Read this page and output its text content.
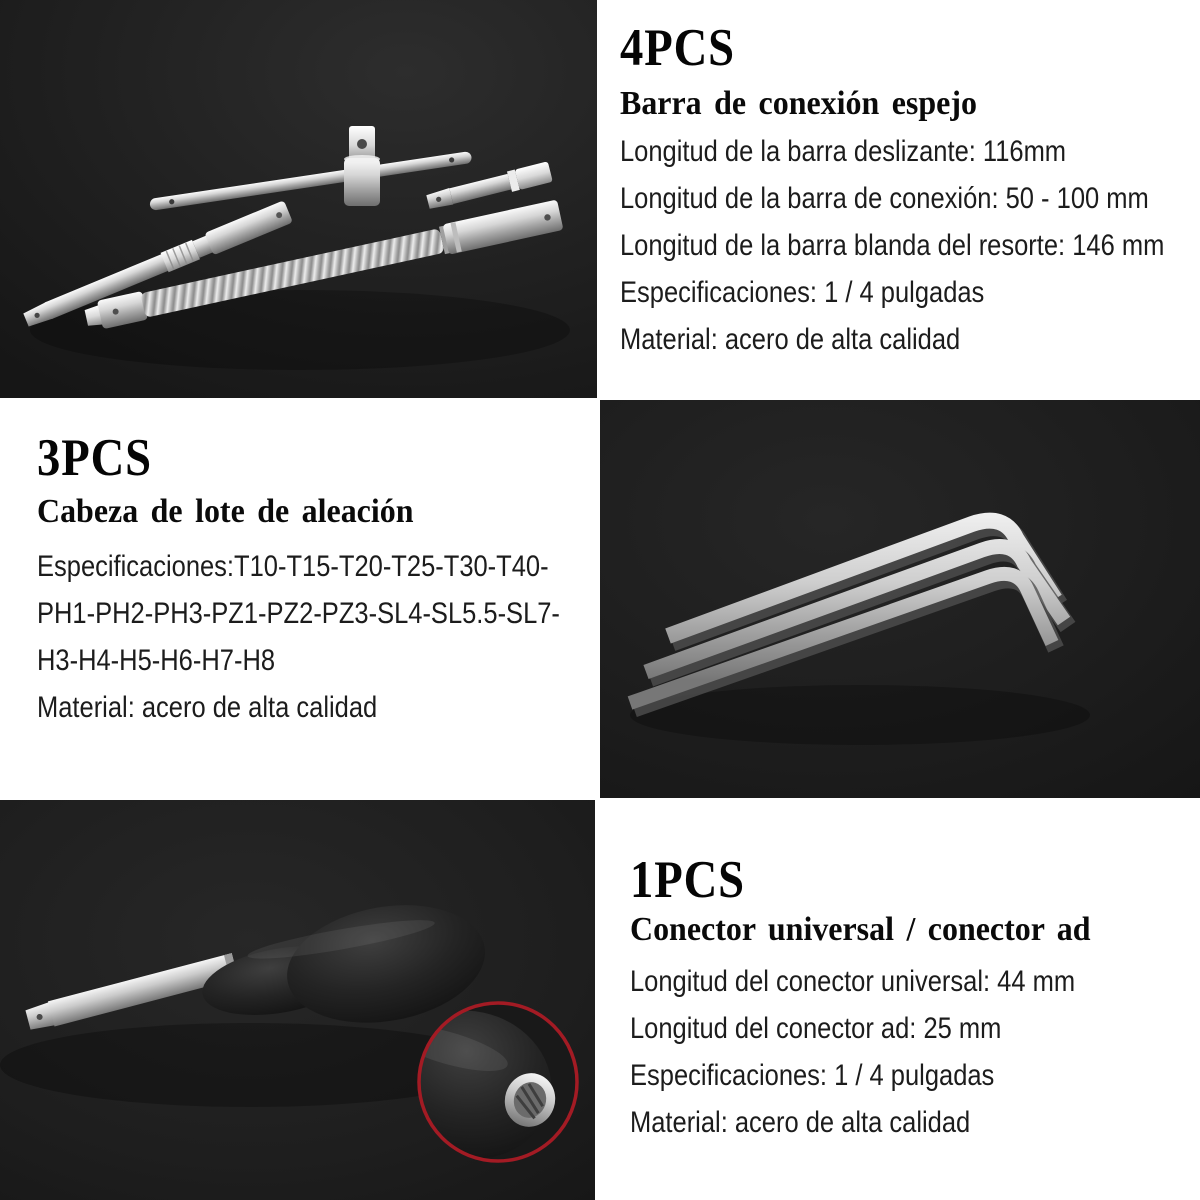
4PCS
Barra de conexión espejo

Longitud de la barra deslizante: 116mm

Longitud de la barra de conexión: 50 - 100 mm

Longitud de la barra blanda del resorte: 146 mm

Especificaciones: 1 / 4 pulgadas

Material: acero de alta calidad

3PCS
Cabeza de lote de aleación

Especificaciones:T10-T15-T20-T25-T30-T40-

PH1-PH2-PH3-PZ1-PZ2-PZ3-SL4-SL5.5-SL7-

H3-H4-H5-H6-H7-H8

Material: acero de alta calidad

1PCS
Conector universal / conector ad

Longitud del conector universal: 44 mm

Longitud del conector ad: 25 mm

Especificaciones: 1 / 4 pulgadas

Material: acero de alta calidad
